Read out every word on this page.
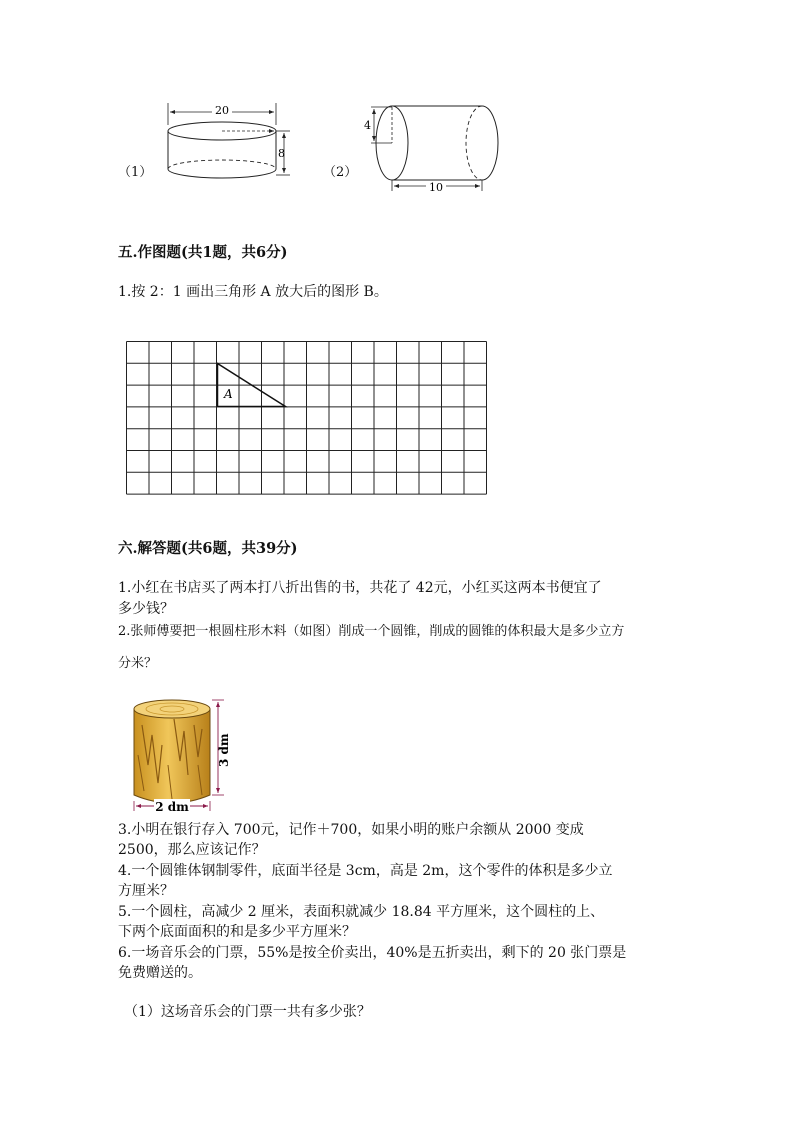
（1）
20
8
（2）
4
10
五.作图题(共1题，共6分)
1.按 2：1 画出三角形 A 放大后的图形 B。
A
六.解答题(共6题，共39分)
1.小红在书店买了两本打八折出售的书，共花了 42元，小红买这两本书便宜了
多少钱？
2.张师傅要把一根圆柱形木料（如图）削成一个圆锥，削成的圆锥的体积最大是多少立方
分米？
3 dm
2 dm
3.小明在银行存入 700元，记作＋700，如果小明的账户余额从 2000 变成
2500，那么应该记作？
4.一个圆锥体钢制零件，底面半径是 3cm，高是 2m，这个零件的体积是多少立
方厘米？
5.一个圆柱，高减少 2 厘米，表面积就减少 18.84 平方厘米，这个圆柱的上、
下两个底面面积的和是多少平方厘米？
6.一场音乐会的门票，55%是按全价卖出，40%是五折卖出，剩下的 20 张门票是
免费赠送的。
（1）这场音乐会的门票一共有多少张？
